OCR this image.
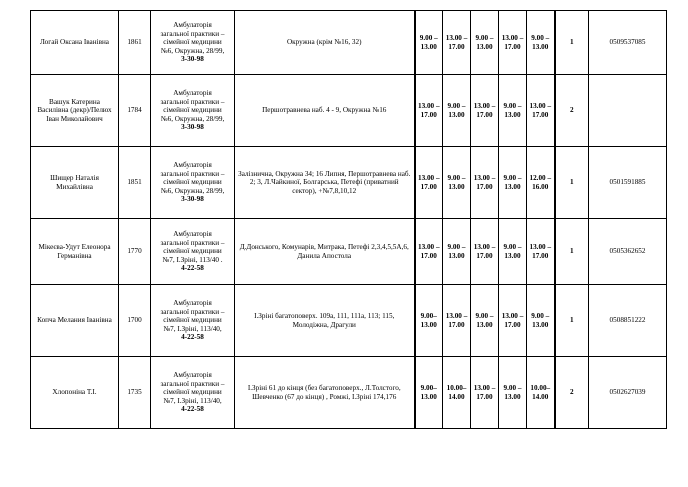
Логай Оксана Іванівна	1861	Амбулаторія
загальної практики –
сімейної медицини
№6, Окружна, 28/99,
3-30-98	Окружна (крім №16, 32)	9.00 – 13.00	13.00 – 17.00	9.00 – 13.00	13.00 – 17.00	9.00 – 13.00	1	0509537085
Вашук Катерина Василівна (декр)/Пелюх Іван Миколайович	1784	Амбулаторія
загальної практики –
сімейної медицини
№6, Окружна, 28/99,
3-30-98	Першотравнева наб. 4 - 9, Окружна №16	13.00 – 17.00	9.00 – 13.00	13.00 – 17.00	9.00 – 13.00	13.00 – 17.00	2	
Шищер Наталія Михайлівна	1851	Амбулаторія
загальної практики –
сімейної медицини
№6, Окружна, 28/99,
3-30-98	Залізнична, Окружна 34; 16 Липня, Першотравнева наб. 2; 3, Л.Чайкиної, Болгарська, Петефі (приватний сектор), +№7,8,10,12	13.00 – 17.00	9.00 – 13.00	13.00 – 17.00	9.00 – 13.00	12.00 – 16.00	1	0501591885
Мікеєва-Удут Елеонора Германівна	1770	Амбулаторія
загальної практики –
сімейної медицини
№7, І.Зріні, 113/40 .
4-22-58	Д.Донського, Комунарів, Митрака, Петефі 2,3,4,5,5А,6, Данила Апостола	13.00 – 17.00	9.00 – 13.00	13.00 – 17.00	9.00 – 13.00	13.00 – 17.00	1	0505362652
Копча Мелания Іванівна	1700	Амбулаторія
загальної практики –
сімейної медицини
№7, І.Зріні, 113/40,
4-22-58	І.Зріні багатоповерх. 109а, 111, 111а, 113; 115, Молодіжна, Драгули	9.00– 13.00	13.00 – 17.00	9.00 – 13.00	13.00 – 17.00	9.00 – 13.00	1	0508851222
Хлопоніна Т.І.	1735	Амбулаторія
загальної практики –
сімейної медицини
№7, І.Зріні, 113/40,
4-22-58	І.Зріні 61 до кінця (без багатоповерх., Л.Толстого, Шевченко (67 до кінця) , Ромжі, І.Зріні 174,176	9.00– 13.00	10.00– 14.00	13.00 – 17.00	9.00 – 13.00	10.00– 14.00	2	0502627039
